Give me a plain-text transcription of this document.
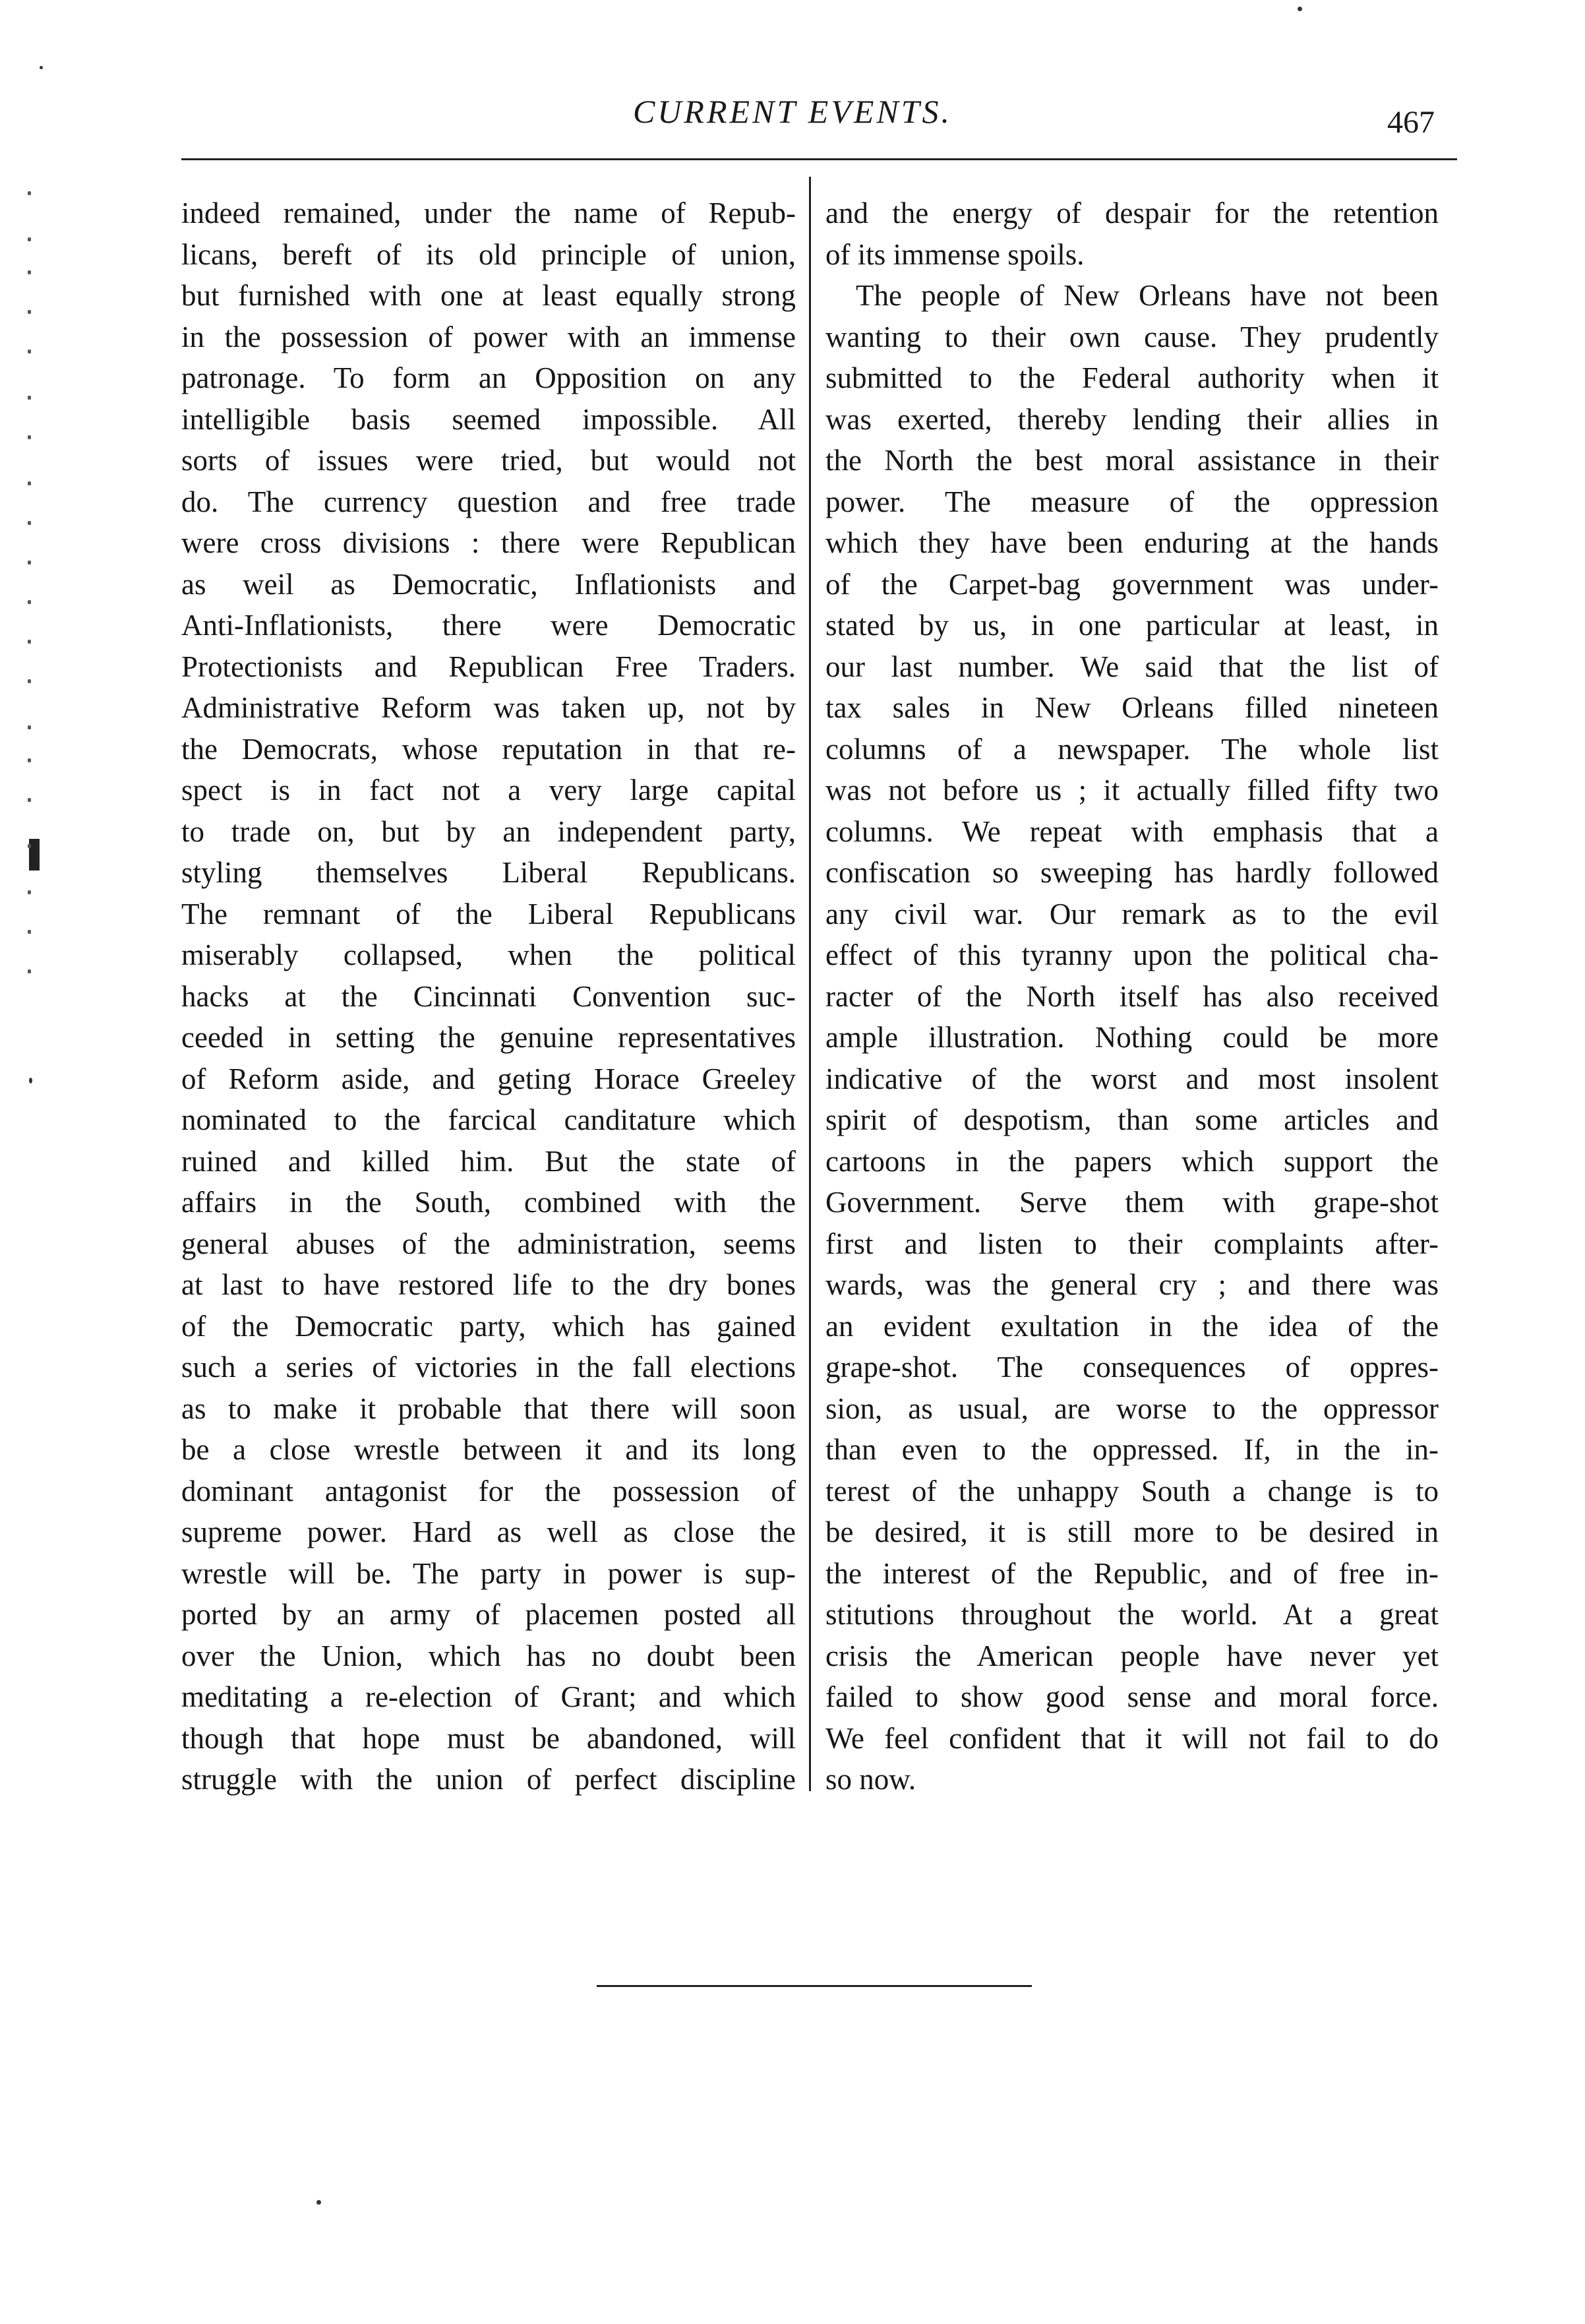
CURRENT EVENTS.	467
indeed remained, under the name of Repub-
licans, bereft of its old principle of union,
but furnished with one at least equally strong
in the possession of power with an immense
patronage. To form an Opposition on any
intelligible basis seemed impossible. All
sorts of issues were tried, but would not
do. The currency question and free trade
were cross divisions : there were Republican
as weil as Democratic, Inflationists and
Anti-Inflationists, there were Democratic
Protectionists and Republican Free Traders.
Administrative Reform was taken up, not by
the Democrats, whose reputation in that re-
spect is in fact not a very large capital
to trade on, but by an independent party,
styling themselves Liberal Republicans.
The remnant of the Liberal Republicans
miserably collapsed, when the political
hacks at the Cincinnati Convention suc-
ceeded in setting the genuine representatives
of Reform aside, and geting Horace Greeley
nominated to the farcical canditature which
ruined and killed him. But the state of
affairs in the South, combined with the
general abuses of the administration, seems
at last to have restored life to the dry bones
of the Democratic party, which has gained
such a series of victories in the fall elections
as to make it probable that there will soon
be a close wrestle between it and its long
dominant antagonist for the possession of
supreme power. Hard as well as close the
wrestle will be. The party in power is sup-
ported by an army of placemen posted all
over the Union, which has no doubt been
meditating a re-election of Grant; and which
though that hope must be abandoned, will
struggle with the union of perfect discipline
and the energy of despair for the retention
of its immense spoils.
The people of New Orleans have not been
wanting to their own cause. They prudently
submitted to the Federal authority when it
was exerted, thereby lending their allies in
the North the best moral assistance in their
power. The measure of the oppression
which they have been enduring at the hands
of the Carpet-bag government was under-
stated by us, in one particular at least, in
our last number. We said that the list of
tax sales in New Orleans filled nineteen
columns of a newspaper. The whole list
was not before us ; it actually filled fifty two
columns. We repeat with emphasis that a
confiscation so sweeping has hardly followed
any civil war. Our remark as to the evil
effect of this tyranny upon the political cha-
racter of the North itself has also received
ample illustration. Nothing could be more
indicative of the worst and most insolent
spirit of despotism, than some articles and
cartoons in the papers which support the
Government. Serve them with grape-shot
first and listen to their complaints after-
wards, was the general cry ; and there was
an evident exultation in the idea of the
grape-shot. The consequences of oppres-
sion, as usual, are worse to the oppressor
than even to the oppressed. If, in the in-
terest of the unhappy South a change is to
be desired, it is still more to be desired in
the interest of the Republic, and of free in-
stitutions throughout the world. At a great
crisis the American people have never yet
failed to show good sense and moral force.
We feel confident that it will not fail to do
so now.
